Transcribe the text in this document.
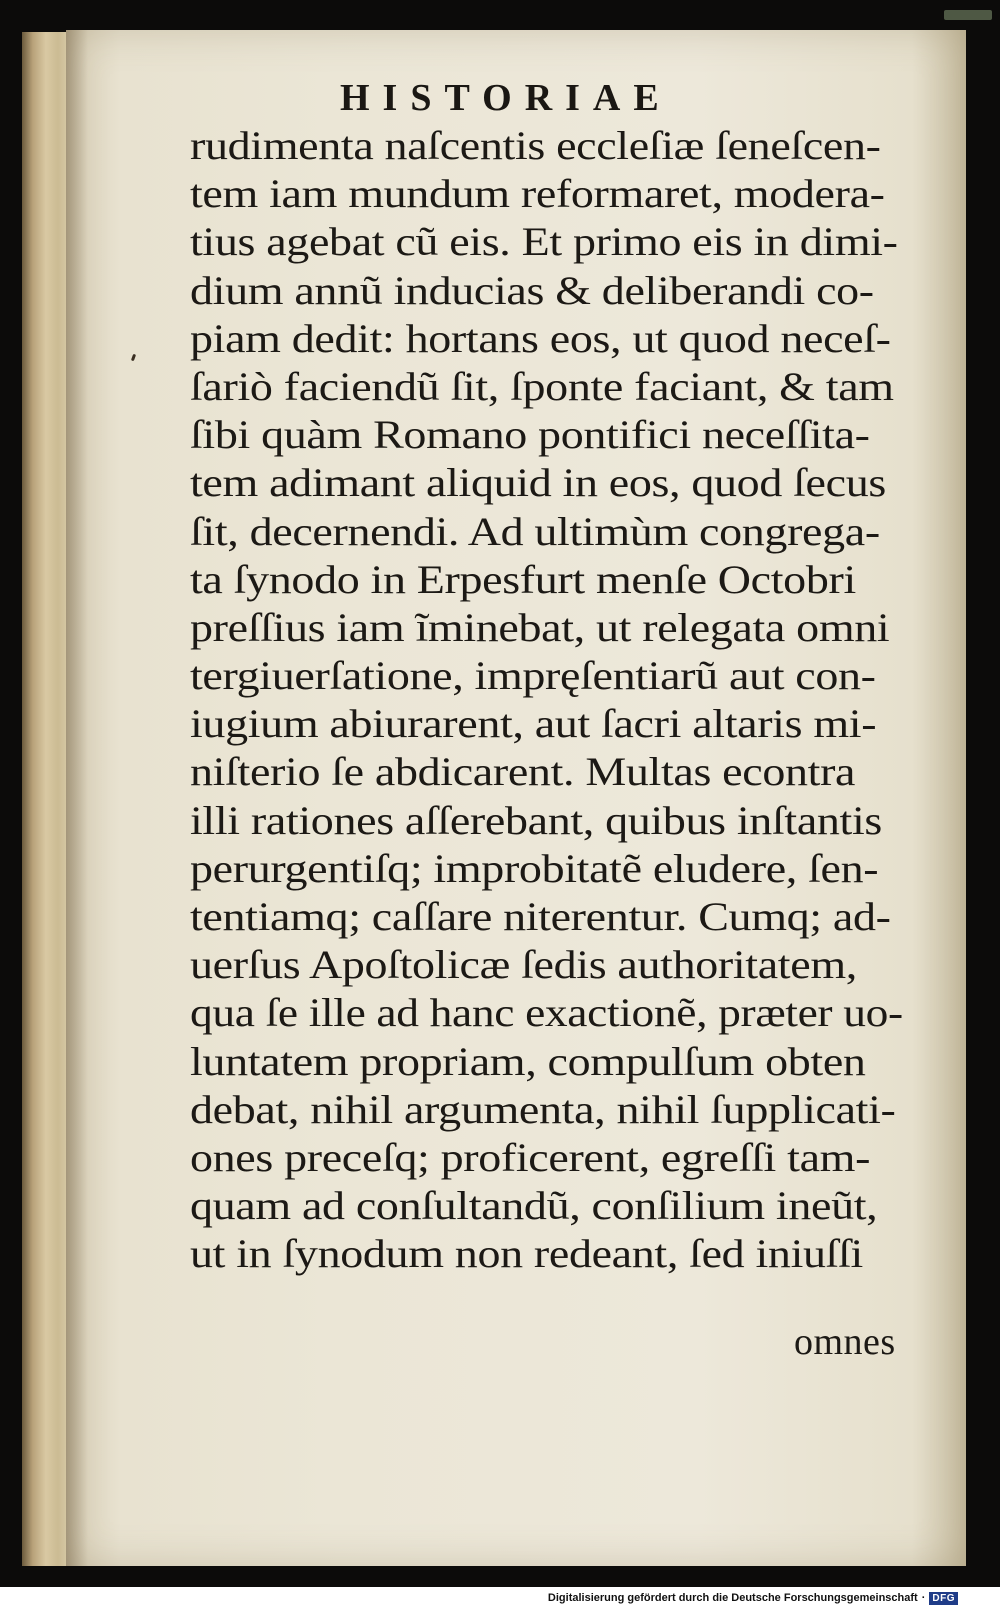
HISTORIAE
rudimenta naſcentis eccleſiæ ſeneſcen-
tem iam mundum reformaret, modera-
tius agebat cũ eis. Et primo eis in dimi-
dium annũ inducias & deliberandi co-
piam dedit: hortans eos, ut quod neceſ-
ſariò faciendũ ſit, ſponte faciant, & tam
ſibi quàm Romano pontifici neceſſita-
tem adimant aliquid in eos, quod ſecus
ſit, decernendi. Ad ultimùm congrega-
ta ſynodo in Erpesfurt menſe Octobri
preſſius iam ĩminebat, ut relegata omni
tergiuerſatione, impręſentiarũ aut con-
iugium abiurarent, aut ſacri altaris mi-
niſterio ſe abdicarent. Multas econtra
illi rationes aſſerebant, quibus inſtantis
perurgentiſq; improbitatẽ eludere, ſen-
tentiamq; caſſare niterentur. Cumq; ad-
uerſus Apoſtolicæ ſedis authoritatem,
qua ſe ille ad hanc exactionẽ, præter uo-
luntatem propriam, compulſum obten
debat, nihil argumenta, nihil ſupplicati-
ones preceſq; proficerent, egreſſi tam-
quam ad conſultandũ, conſilium ineũt,
ut in ſynodum non redeant, ſed iniuſſi
omnes
Digitalisierung gefördert durch die Deutsche Forschungsgemeinschaft · DFG
